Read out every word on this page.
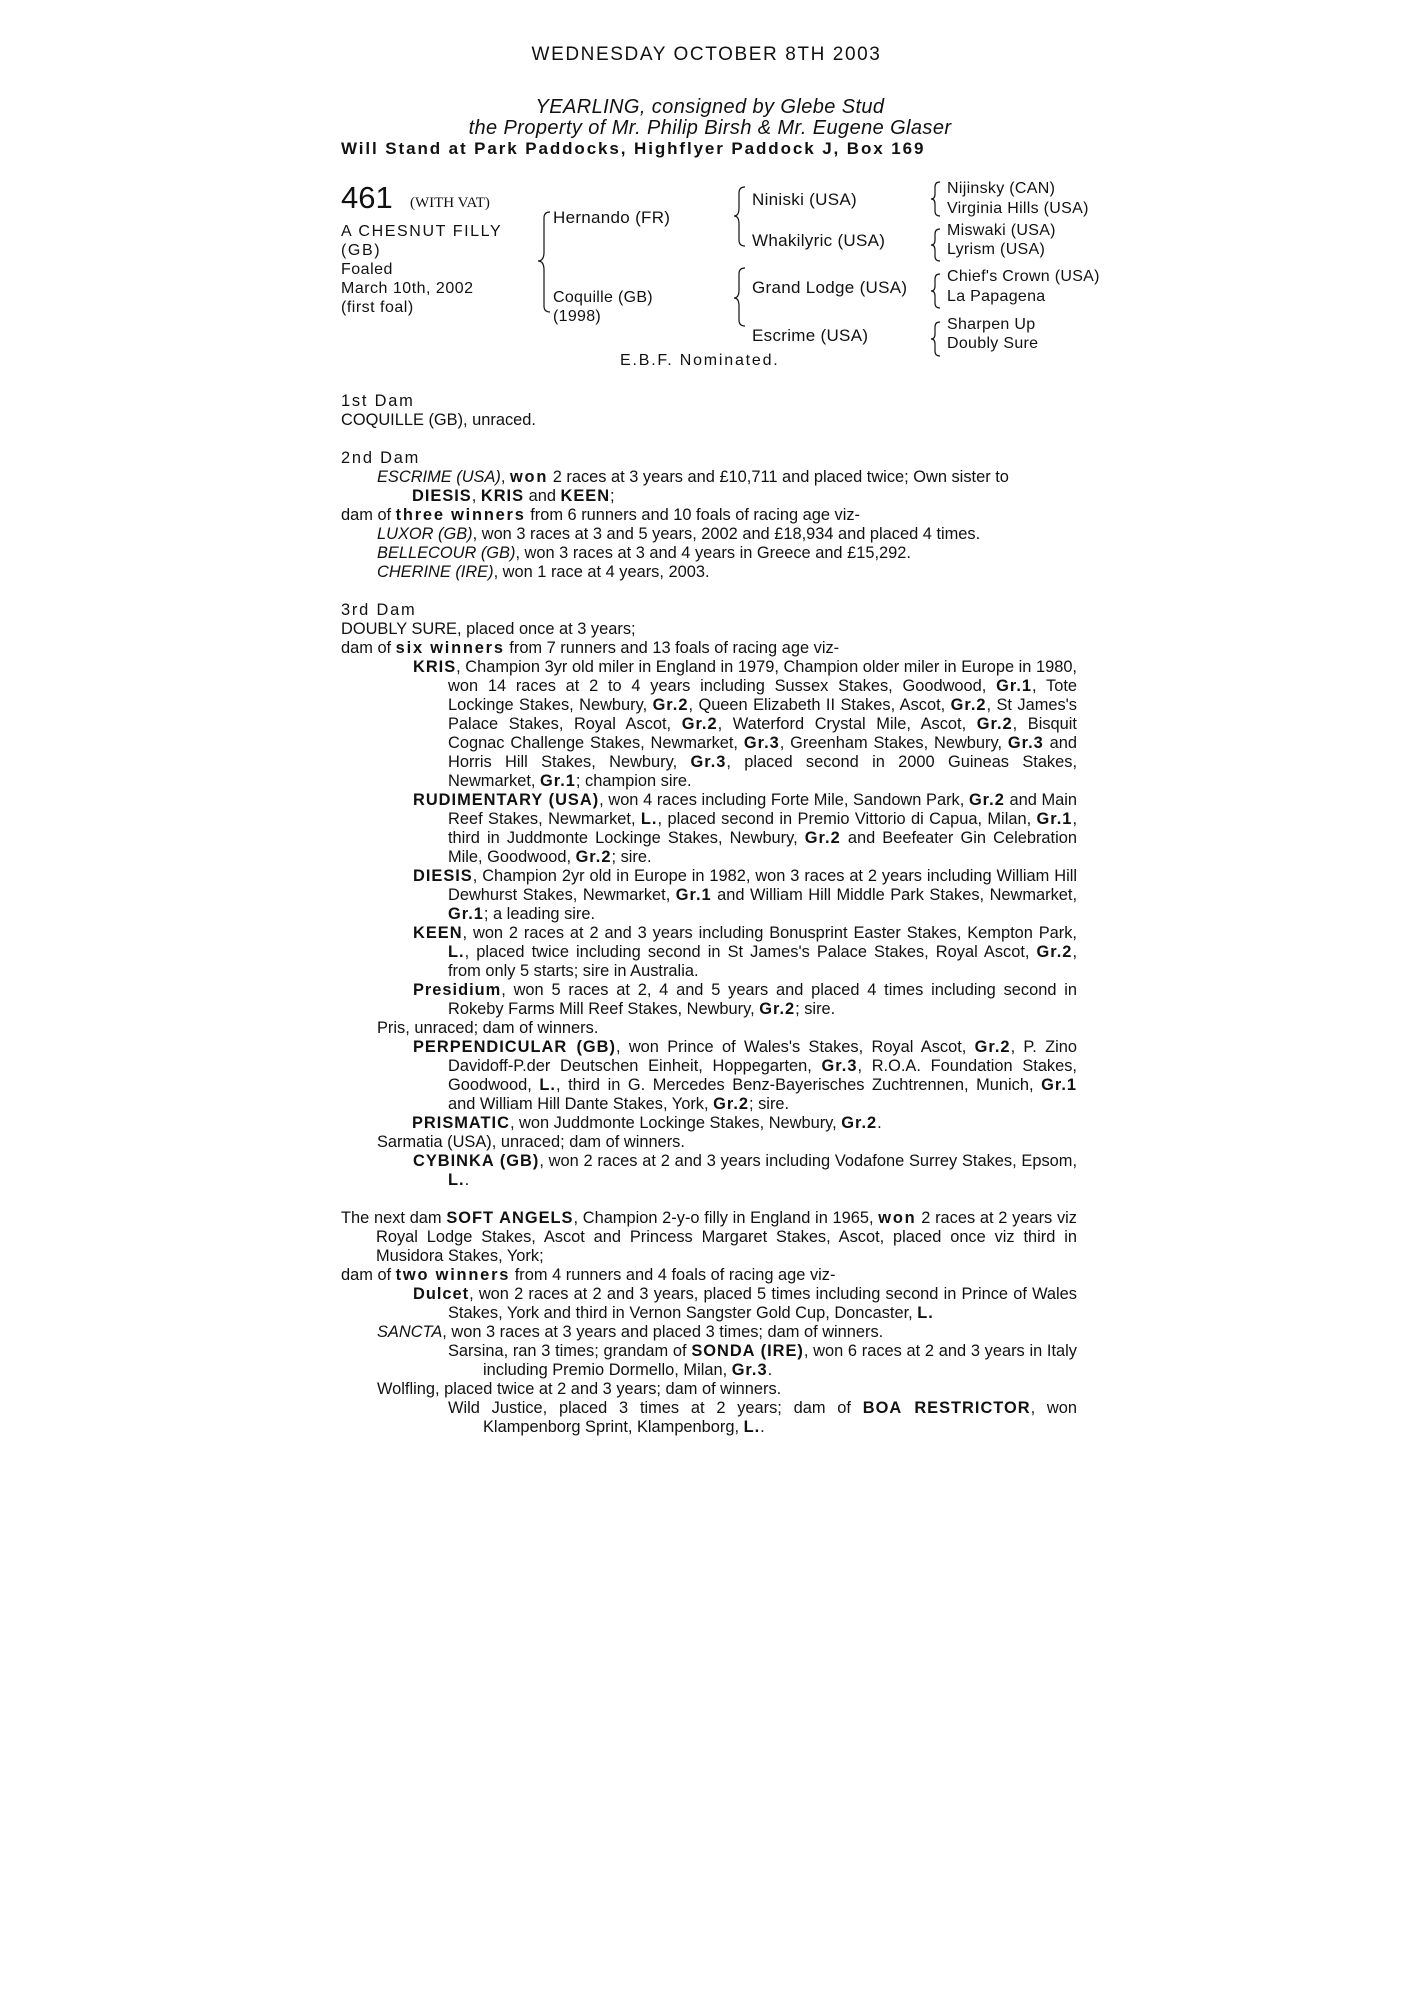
WEDNESDAY OCTOBER 8TH 2003
YEARLING, consigned by Glebe Stud
the Property of Mr. Philip Birsh & Mr. Eugene Glaser
Will Stand at Park Paddocks, Highflyer Paddock J, Box 169
461 (WITH VAT)
A CHESNUT FILLY
(GB)
Foaled
March 10th, 2002
(first foal)
Hernando (FR)
Coquille (GB)
(1998)
Niniski (USA)
Whakilyric (USA)
Grand Lodge (USA)
Escrime (USA)
Nijinsky (CAN)
Virginia Hills (USA)
Miswaki (USA)
Lyrism (USA)
Chief's Crown (USA)
La Papagena
Sharpen Up
Doubly Sure
E.B.F. Nominated.

1st Dam

COQUILLE (GB), unraced.

2nd Dam

ESCRIME (USA), won 2 races at 3 years and £10,711 and placed twice; Own sister to DIESIS, KRIS and KEEN;

dam of three winners from 6 runners and 10 foals of racing age viz-

LUXOR (GB), won 3 races at 3 and 5 years, 2002 and £18,934 and placed 4 times.

BELLECOUR (GB), won 3 races at 3 and 4 years in Greece and £15,292.

CHERINE (IRE), won 1 race at 4 years, 2003.

3rd Dam

DOUBLY SURE, placed once at 3 years;

dam of six winners from 7 runners and 13 foals of racing age viz-

KRIS, Champion 3yr old miler in England in 1979, Champion older miler in Europe in 1980, won 14 races at 2 to 4 years including Sussex Stakes, Goodwood, Gr.1, Tote Lockinge Stakes, Newbury, Gr.2, Queen Elizabeth II Stakes, Ascot, Gr.2, St James's Palace Stakes, Royal Ascot, Gr.2, Waterford Crystal Mile, Ascot, Gr.2, Bisquit Cognac Challenge Stakes, Newmarket, Gr.3, Greenham Stakes, Newbury, Gr.3 and Horris Hill Stakes, Newbury, Gr.3, placed second in 2000 Guineas Stakes, Newmarket, Gr.1; champion sire.

RUDIMENTARY (USA), won 4 races including Forte Mile, Sandown Park, Gr.2 and Main Reef Stakes, Newmarket, L., placed second in Premio Vittorio di Capua, Milan, Gr.1, third in Juddmonte Lockinge Stakes, Newbury, Gr.2 and Beefeater Gin Celebration Mile, Goodwood, Gr.2; sire.

DIESIS, Champion 2yr old in Europe in 1982, won 3 races at 2 years including William Hill Dewhurst Stakes, Newmarket, Gr.1 and William Hill Middle Park Stakes, Newmarket, Gr.1; a leading sire.

KEEN, won 2 races at 2 and 3 years including Bonusprint Easter Stakes, Kempton Park, L., placed twice including second in St James's Palace Stakes, Royal Ascot, Gr.2, from only 5 starts; sire in Australia.

Presidium, won 5 races at 2, 4 and 5 years and placed 4 times including second in Rokeby Farms Mill Reef Stakes, Newbury, Gr.2; sire.

Pris, unraced; dam of winners.

PERPENDICULAR (GB), won Prince of Wales's Stakes, Royal Ascot, Gr.2, P. Zino Davidoff-P.der Deutschen Einheit, Hoppegarten, Gr.3, R.O.A. Foundation Stakes, Goodwood, L., third in G. Mercedes Benz-Bayerisches Zuchtrennen, Munich, Gr.1 and William Hill Dante Stakes, York, Gr.2; sire.

PRISMATIC, won Juddmonte Lockinge Stakes, Newbury, Gr.2.

Sarmatia (USA), unraced; dam of winners.

CYBINKA (GB), won 2 races at 2 and 3 years including Vodafone Surrey Stakes, Epsom, L..

The next dam SOFT ANGELS, Champion 2-y-o filly in England in 1965, won 2 races at 2 years viz Royal Lodge Stakes, Ascot and Princess Margaret Stakes, Ascot, placed once viz third in Musidora Stakes, York;

dam of two winners from 4 runners and 4 foals of racing age viz-

Dulcet, won 2 races at 2 and 3 years, placed 5 times including second in Prince of Wales Stakes, York and third in Vernon Sangster Gold Cup, Doncaster, L.

SANCTA, won 3 races at 3 years and placed 3 times; dam of winners.

Sarsina, ran 3 times; grandam of SONDA (IRE), won 6 races at 2 and 3 years in Italy including Premio Dormello, Milan, Gr.3.

Wolfling, placed twice at 2 and 3 years; dam of winners.

Wild Justice, placed 3 times at 2 years; dam of BOA RESTRICTOR, won Klampenborg Sprint, Klampenborg, L..
